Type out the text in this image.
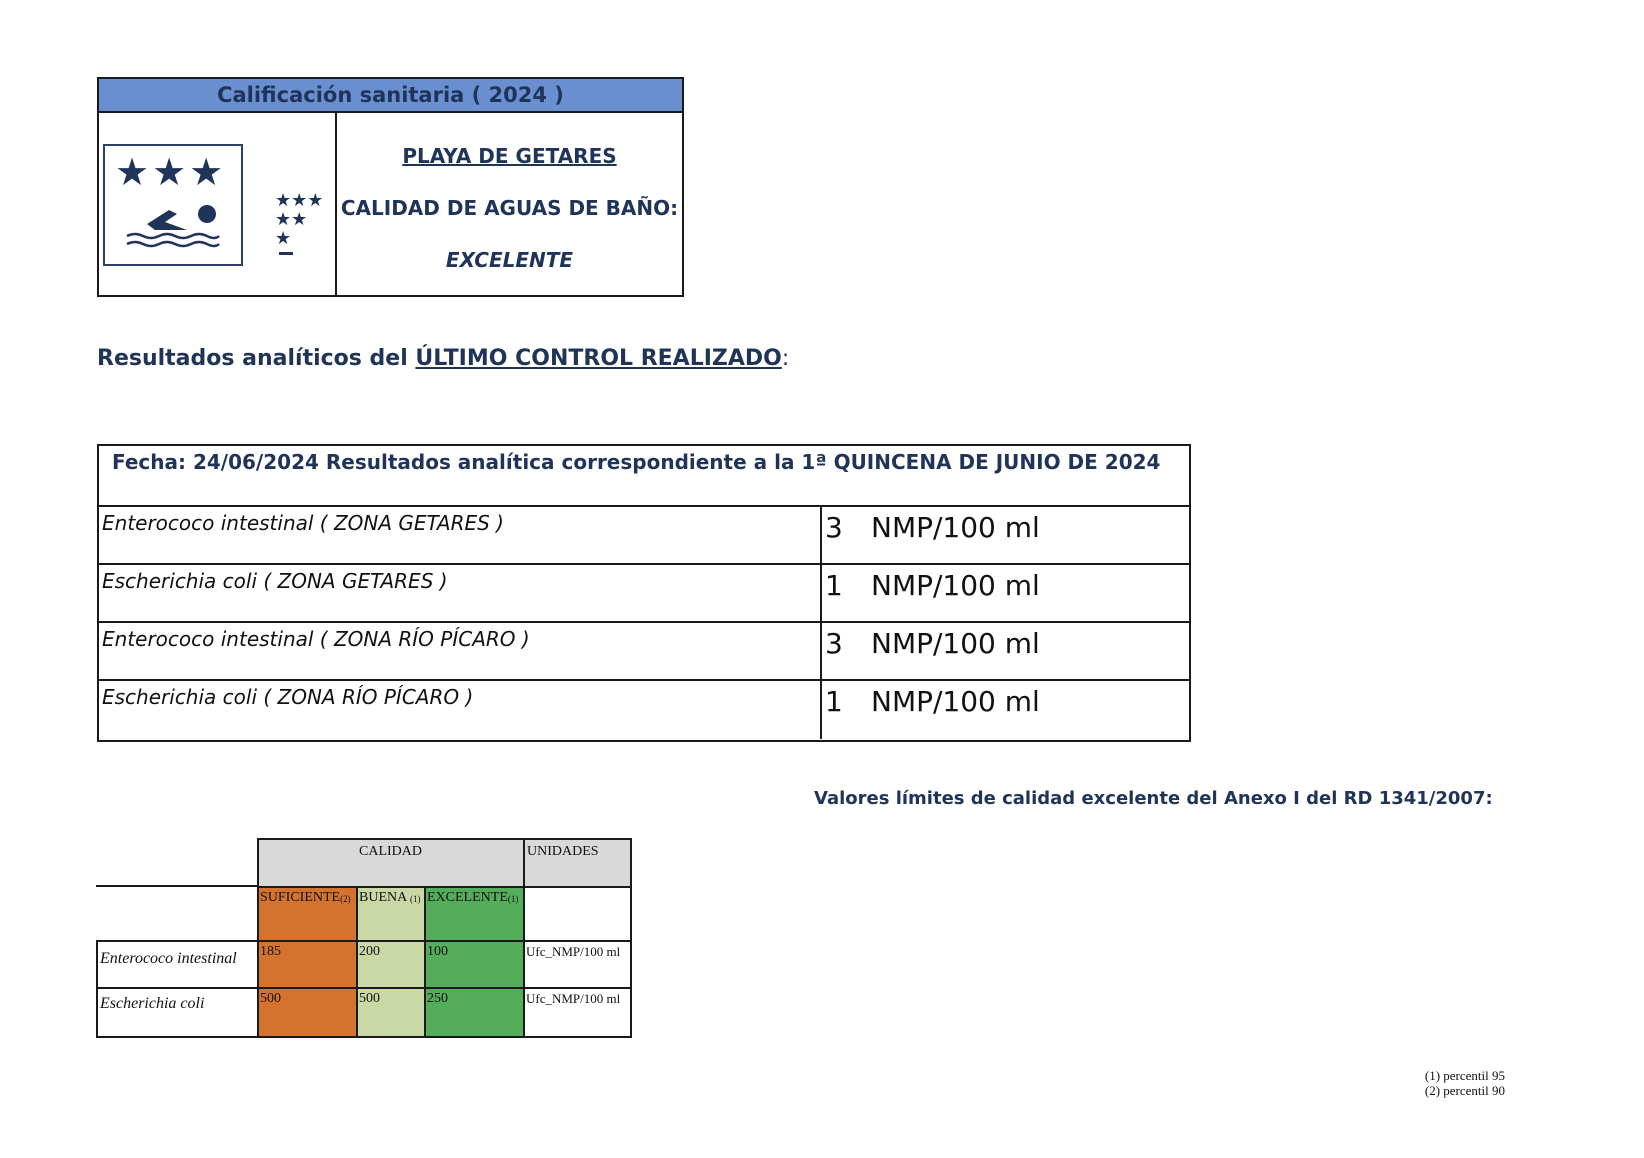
Calificación sanitaria ( 2024 )
★★★
★★★
★★
★
PLAYA DE GETARES
CALIDAD DE AGUAS DE BAÑO:
EXCELENTE
Resultados analíticos del ÚLTIMO CONTROL REALIZADO:
Fecha: 24/06/2024 Resultados analítica correspondiente a la 1ª QUINCENA DE JUNIO DE 2024
Enterococo intestinal ( ZONA GETARES )	3 NMP/100 ml
Escherichia coli ( ZONA GETARES )	1 NMP/100 ml
Enterococo intestinal ( ZONA RÍO PÍCARO )	3 NMP/100 ml
Escherichia coli ( ZONA RÍO PÍCARO )	1 NMP/100 ml
Valores límites de calidad excelente del Anexo I del RD 1341/2007:
CALIDAD	UNIDADES
SUFICIENTE$^{(2)}$ BUENA $^{(1)}$ EXCELENTE$^{(1)}$
Enterococo intestinal 185	200	100	Ufc_NMP/100 ml
Escherichia coli	500	500	250	Ufc_NMP/100 ml
(1) percentil 95
(2) percentil 90
